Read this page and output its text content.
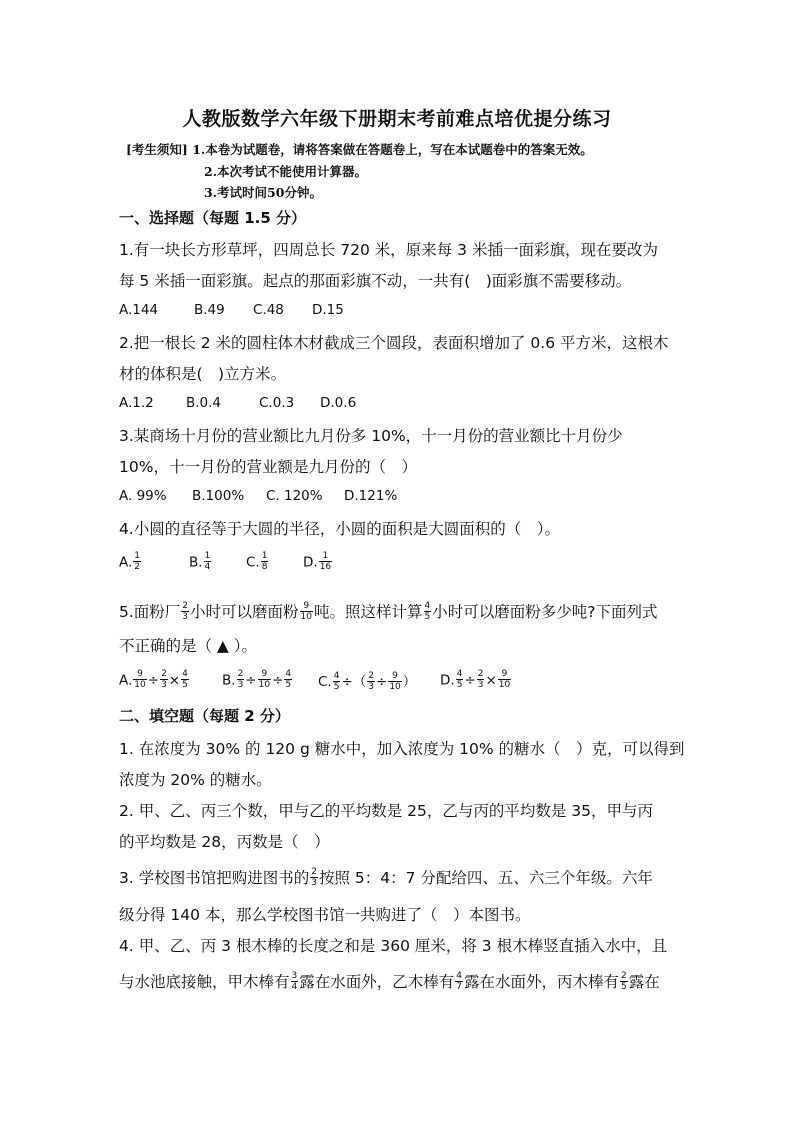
人教版数学六年级下册期末考前难点培优提分练习
[考生须知] 1.本卷为试题卷，请将答案做在答题卷上，写在本试题卷中的答案无效。
2.本次考试不能使用计算器。
3.考试时间50分钟。
一、选择题（每题 1.5 分）
1.有一块长方形草坪，四周总长 720 米，原来每 3 米插一面彩旗，现在要改为
每 5 米插一面彩旗。起点的那面彩旗不动，一共有( )面彩旗不需要移动。
A.144	B.49 C.48 D.15
2.把一根长 2 米的圆柱体木材截成三个圆段，表面积增加了 0.6 平方米，这根木
材的体积是( )立方米。
A.1.2 B.0.4	C.0.3 D.0.6
3.某商场十月份的营业额比九月份多 10%，十一月份的营业额比十月份少
10%，十一月份的营业额是九月份的（ ）
A. 99% B.100% C. 120% D.121%
4.小圆的直径等于大圆的半径，小圆的面积是大圆面积的（ ）。
A. $\frac{1}{2}$	B. $\frac{1}{4}$	C. $\frac{1}{8}$	D. $\frac{1}{16}$
5.面粉厂 $\frac{2}{3}$ 小时可以磨面粉 $\frac{9}{10}$ 吨。照这样计算 $\frac{4}{5}$ 小时可以磨面粉多少吨?下面列式
不正确的是（ ▲ ）。
A. $\frac{9}{10} \div \frac{2}{3} \times \frac{4}{5} B$. $\frac{2}{3} \div \frac{9}{10} \div \frac{4}{5} C$. $\frac{4}{5}$ ÷（ $\frac{2}{3} \div \frac{9}{10}$ ） D. $\frac{4}{5} \div \frac{2}{3} \times \frac{9}{10}$
二、填空题（每题 2 分）
1. 在浓度为 30% 的 120 g 糖水中，加入浓度为 10% 的糖水（ ）克，可以得到
浓度为 20% 的糖水。
2. 甲、乙、丙三个数，甲与乙的平均数是 25，乙与丙的平均数是 35，甲与丙
的平均数是 28，丙数是（ ）
3. 学校图书馆把购进图书的 $\frac{2}{3}$ 按照 5：4：7 分配给四、五、六三个年级。六年
级分得 140 本，那么学校图书馆一共购进了（ ）本图书。
4. 甲、乙、丙 3 根木棒的长度之和是 360 厘米，将 3 根木棒竖直插入水中，且
与水池底接触，甲木棒有 $\frac{3}{4}$ 露在水面外，乙木棒有 $\frac{4}{7}$ 露在水面外，丙木棒有 $\frac{2}{5}$ 露在
